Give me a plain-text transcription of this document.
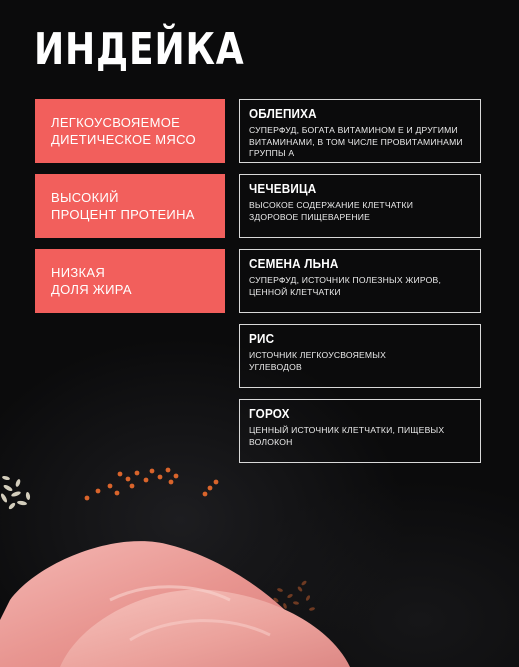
ИНДЕЙКА
ЛЕГКОУСВОЯЕМОЕ
ДИЕТИЧЕСКОЕ МЯСО
ВЫСОКИЙ
ПРОЦЕНТ ПРОТЕИНА
НИЗКАЯ
ДОЛЯ ЖИРА
ОБЛЕПИХА
СУПЕРФУД, БОГАТА ВИТАМИНОМ Е И ДРУГИМИ
ВИТАМИНАМИ, В ТОМ ЧИСЛЕ ПРОВИТАМИНАМИ
ГРУППЫ А
ЧЕЧЕВИЦА
ВЫСОКОЕ СОДЕРЖАНИЕ КЛЕТЧАТКИ
ЗДОРОВОЕ ПИЩЕВАРЕНИЕ
СЕМЕНА ЛЬНА
СУПЕРФУД, ИСТОЧНИК ПОЛЕЗНЫХ ЖИРОВ,
ЦЕННОЙ КЛЕТЧАТКИ
РИС
ИСТОЧНИК ЛЕГКОУСВОЯЕМЫХ
УГЛЕВОДОВ
ГОРОХ
ЦЕННЫЙ ИСТОЧНИК КЛЕТЧАТКИ, ПИЩЕВЫХ
ВОЛОКОН
